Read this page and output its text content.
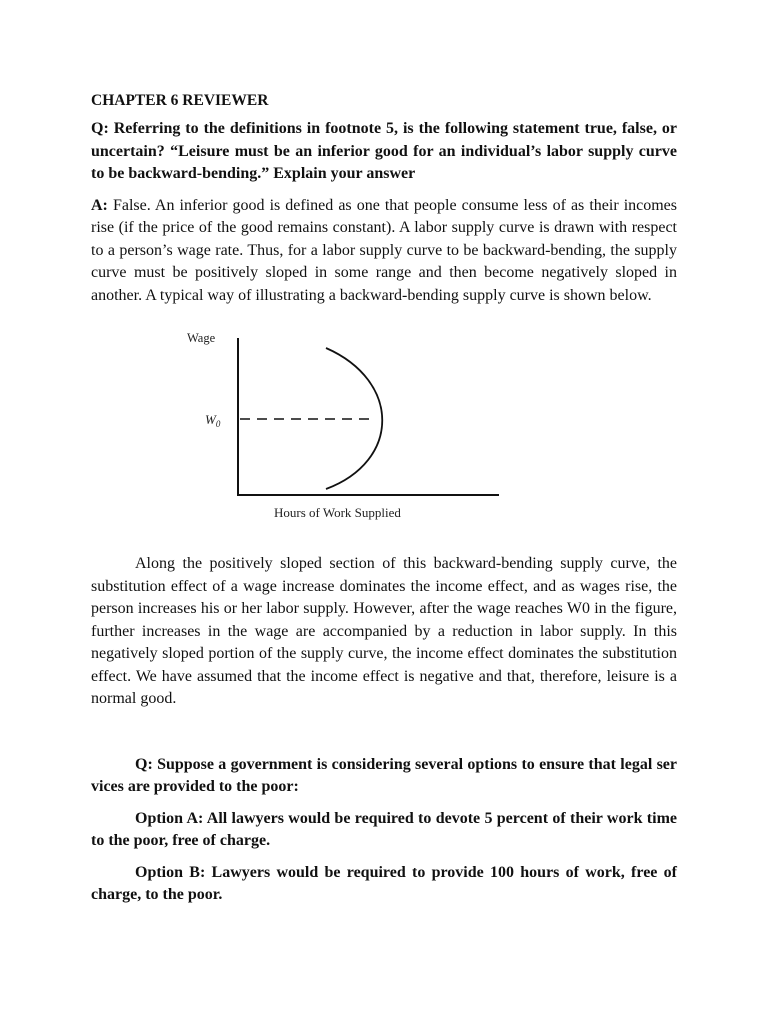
CHAPTER 6 REVIEWER

Q: Referring to the definitions in footnote 5, is the following statement true, false, or uncertain? “Leisure must be an inferior good for an individual’s labor supply curve to be backward-bending.” Explain your answer

A: False. An inferior good is defined as one that people consume less of as their incomes rise (if the price of the good remains constant). A labor supply curve is drawn with respect to a person’s wage rate. Thus, for a labor supply curve to be backward-bending, the supply curve must be positively sloped in some range and then become negatively sloped in another. A typical way of illustrating a backward-bending supply curve is shown below.

Wage
$W_0$
Hours of Work Supplied

Along the positively sloped section of this backward-bending supply curve, the substitution effect of a wage increase dominates the income effect, and as wages rise, the person increases his or her labor supply. However, after the wage reaches W0 in the figure, further increases in the wage are accompanied by a reduction in labor supply. In this negatively sloped portion of the supply curve, the income effect dominates the substitution effect. We have assumed that the income effect is negative and that, therefore, leisure is a normal good.

Q: Suppose a government is considering several options to ensure that legal ser vices are provided to the poor:

Option A: All lawyers would be required to devote 5 percent of their work time to the poor, free of charge.

Option B: Lawyers would be required to provide 100 hours of work, free of charge, to the poor.
